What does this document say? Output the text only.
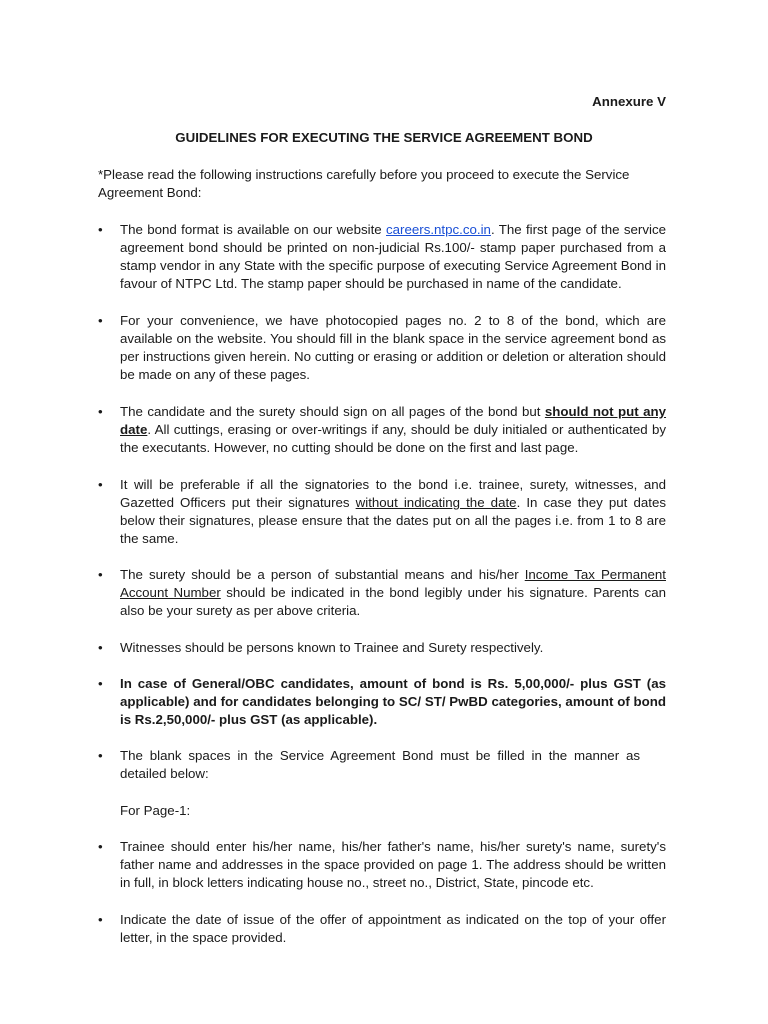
Annexure V
GUIDELINES FOR EXECUTING THE SERVICE AGREEMENT BOND
*Please read the following instructions carefully before you proceed to execute the Service Agreement Bond:
•	The bond format is available on our website careers.ntpc.co.in. The first page of the service agreement bond should be printed on non-judicial Rs.100/- stamp paper purchased from a stamp vendor in any State with the specific purpose of executing Service Agreement Bond in favour of NTPC Ltd. The stamp paper should be purchased in name of the candidate.
•	For your convenience, we have photocopied pages no. 2 to 8 of the bond, which are available on the website. You should fill in the blank space in the service agreement bond as per instructions given herein. No cutting or erasing or addition or deletion or alteration should be made on any of these pages.
•	The candidate and the surety should sign on all pages of the bond but should not put any date. All cuttings, erasing or over-writings if any, should be duly initialed or authenticated by the executants. However, no cutting should be done on the first and last page.
•	It will be preferable if all the signatories to the bond i.e. trainee, surety, witnesses, and Gazetted Officers put their signatures without indicating the date. In case they put dates below their signatures, please ensure that the dates put on all the pages i.e. from 1 to 8 are the same.
•	The surety should be a person of substantial means and his/her Income Tax Permanent Account Number should be indicated in the bond legibly under his signature. Parents can also be your surety as per above criteria.
•	Witnesses should be persons known to Trainee and Surety respectively.
•	In case of General/OBC candidates, amount of bond is Rs. 5,00,000/- plus GST (as applicable) and for candidates belonging to SC/ ST/ PwBD categories, amount of bond is Rs.2,50,000/- plus GST (as applicable).
•	The blank spaces in the Service Agreement Bond must be filled in the manner as detailed below:
For Page-1:
•	Trainee should enter his/her name, his/her father's name, his/her surety's name, surety's father name and addresses in the space provided on page 1. The address should be written in full, in block letters indicating house no., street no., District, State, pincode etc.
•	Indicate the date of issue of the offer of appointment as indicated on the top of your offer letter, in the space provided.
